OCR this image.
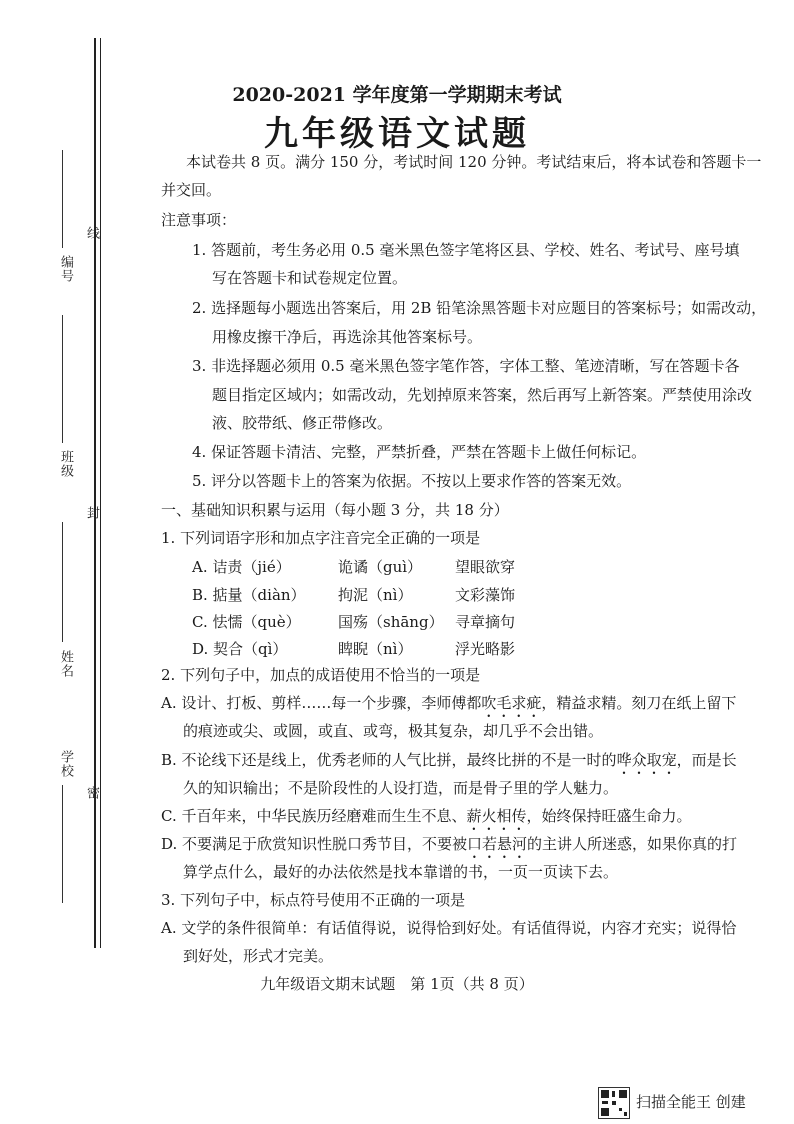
线
封
密
编号
班级
姓名
学校
2020-2021 学年度第一学期期末考试
九年级语文试题
本试卷共 8 页。满分 150 分，考试时间 120 分钟。考试结束后，将本试卷和答题卡一
并交回。
注意事项：
1. 答题前，考生务必用 0.5 毫米黑色签字笔将区县、学校、姓名、考试号、座号填
写在答题卡和试卷规定位置。
2. 选择题每小题选出答案后，用 2B 铅笔涂黑答题卡对应题目的答案标号；如需改动，
用橡皮擦干净后，再选涂其他答案标号。
3. 非选择题必须用 0.5 毫米黑色签字笔作答，字体工整、笔迹清晰，写在答题卡各
题目指定区域内；如需改动，先划掉原来答案，然后再写上新答案。严禁使用涂改
液、胶带纸、修正带修改。
4. 保证答题卡清洁、完整，严禁折叠，严禁在答题卡上做任何标记。
5. 评分以答题卡上的答案为依据。不按以上要求作答的答案无效。
一、基础知识积累与运用（每小题 3 分，共 18 分）
1. 下列词语字形和加点字注音完全正确的一项是
A. 诘责（jié）	诡谲（guì） 望眼欲穿
B. 掂量（diàn） 拘泥（nì）	文彩藻饰
C. 怯懦（què） 国殇（shāng） 寻章摘句
D. 契合（qì）	睥睨（nì）	浮光略影
2. 下列句子中，加点的成语使用不恰当的一项是
A. 设计、打板、剪样……每一个步骤，李师傅都吹毛求疵，精益求精。刻刀在纸上留下
的痕迹或尖、或圆，或直、或弯，极其复杂，却几乎不会出错。
B. 不论线下还是线上，优秀老师的人气比拼，最终比拼的不是一时的哗众取宠，而是长
久的知识输出；不是阶段性的人设打造，而是骨子里的学人魅力。
C. 千百年来，中华民族历经磨难而生生不息、薪火相传，始终保持旺盛生命力。
D. 不要满足于欣赏知识性脱口秀节目，不要被口若悬河的主讲人所迷惑，如果你真的打
算学点什么，最好的办法依然是找本靠谱的书，一页一页读下去。
3. 下列句子中，标点符号使用不正确的一项是
A. 文学的条件很简单：有话值得说，说得恰到好处。有话值得说，内容才充实；说得恰
到好处，形式才完美。
九年级语文期末试题　第 1页（共 8 页）
扫描全能王 创建
